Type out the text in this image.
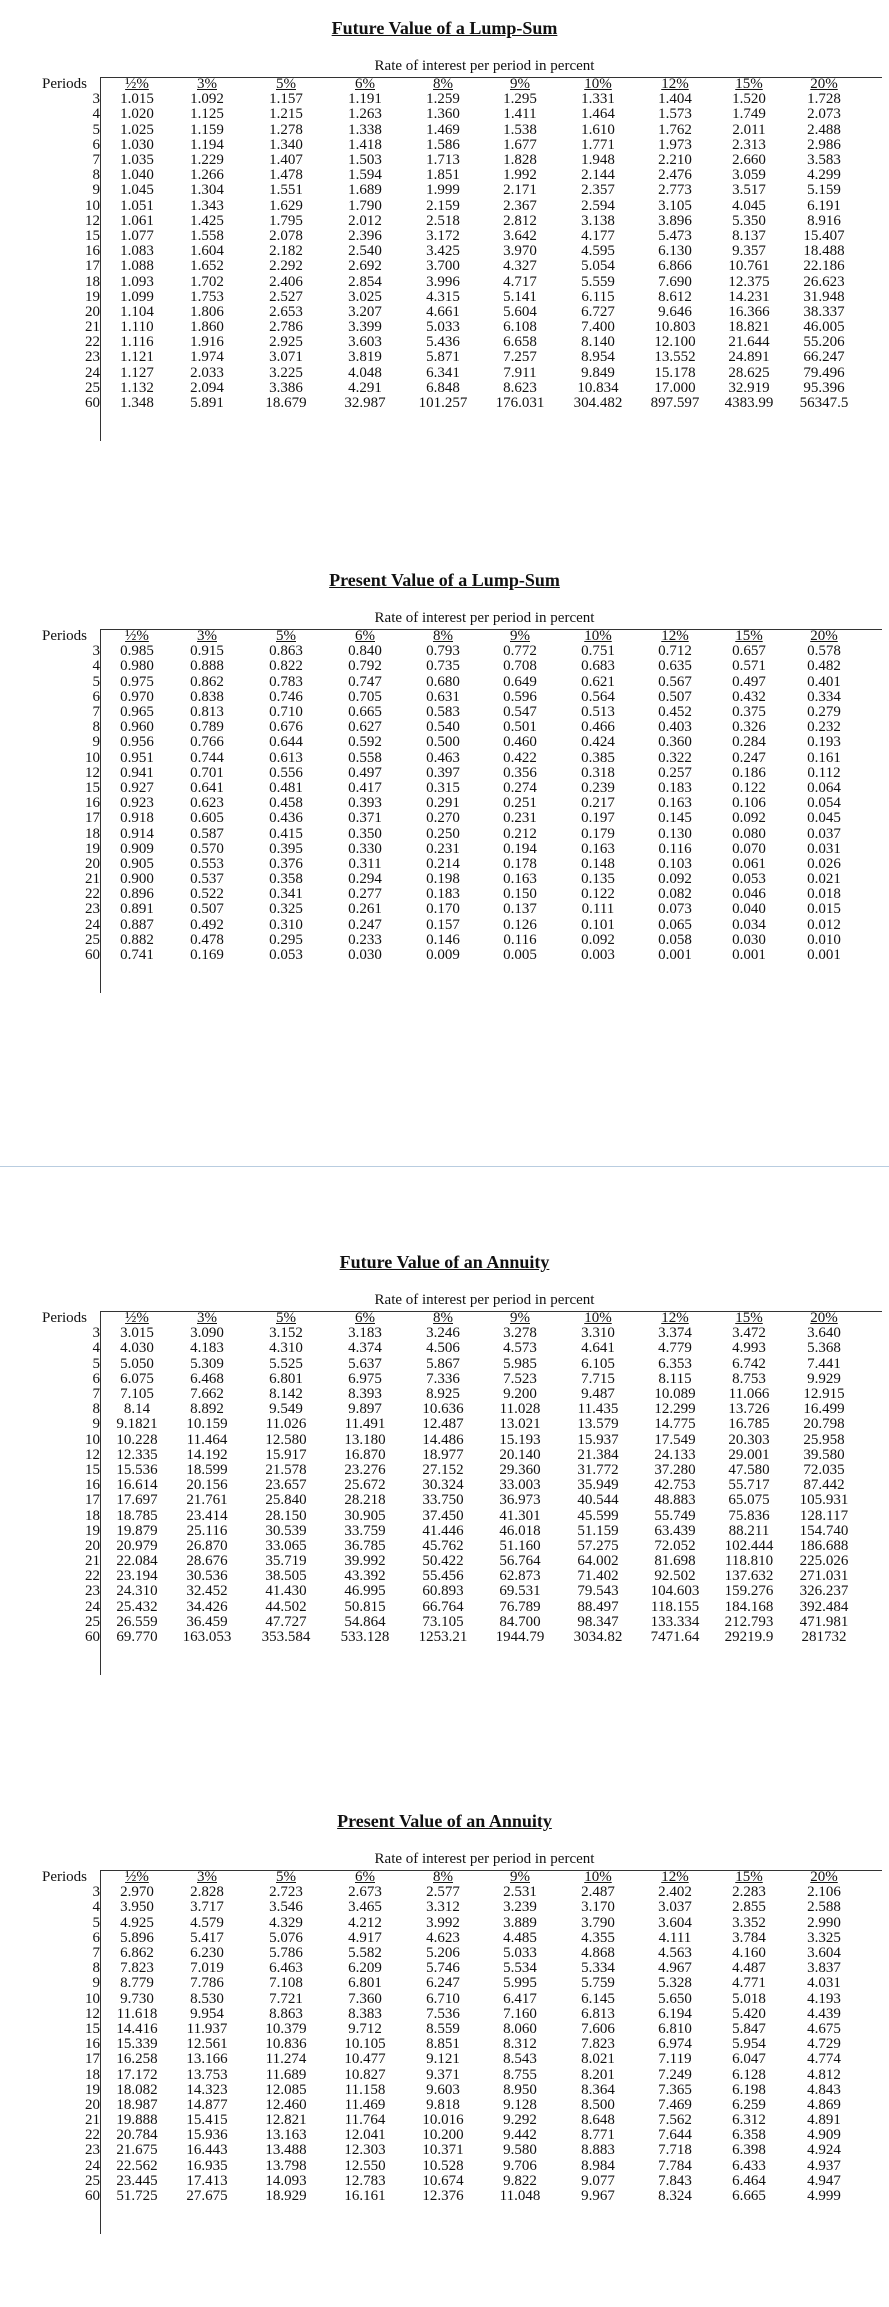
Future Value of a Lump-Sum
Rate of interest per period in percent
Periods	½%	3%	5%	6%	8%	9%	10%	12%	15%	20%
3	1.015	1.092	1.157	1.191	1.259	1.295	1.331	1.404	1.520	1.728
4	1.020	1.125	1.215	1.263	1.360	1.411	1.464	1.573	1.749	2.073
5	1.025	1.159	1.278	1.338	1.469	1.538	1.610	1.762	2.011	2.488
6	1.030	1.194	1.340	1.418	1.586	1.677	1.771	1.973	2.313	2.986
7	1.035	1.229	1.407	1.503	1.713	1.828	1.948	2.210	2.660	3.583
8	1.040	1.266	1.478	1.594	1.851	1.992	2.144	2.476	3.059	4.299
9	1.045	1.304	1.551	1.689	1.999	2.171	2.357	2.773	3.517	5.159
10	1.051	1.343	1.629	1.790	2.159	2.367	2.594	3.105	4.045	6.191
12	1.061	1.425	1.795	2.012	2.518	2.812	3.138	3.896	5.350	8.916
15	1.077	1.558	2.078	2.396	3.172	3.642	4.177	5.473	8.137	15.407
16	1.083	1.604	2.182	2.540	3.425	3.970	4.595	6.130	9.357	18.488
17	1.088	1.652	2.292	2.692	3.700	4.327	5.054	6.866	10.761	22.186
18	1.093	1.702	2.406	2.854	3.996	4.717	5.559	7.690	12.375	26.623
19	1.099	1.753	2.527	3.025	4.315	5.141	6.115	8.612	14.231	31.948
20	1.104	1.806	2.653	3.207	4.661	5.604	6.727	9.646	16.366	38.337
21	1.110	1.860	2.786	3.399	5.033	6.108	7.400	10.803	18.821	46.005
22	1.116	1.916	2.925	3.603	5.436	6.658	8.140	12.100	21.644	55.206
23	1.121	1.974	3.071	3.819	5.871	7.257	8.954	13.552	24.891	66.247
24	1.127	2.033	3.225	4.048	6.341	7.911	9.849	15.178	28.625	79.496
25	1.132	2.094	3.386	4.291	6.848	8.623	10.834	17.000	32.919	95.396
60	1.348	5.891	18.679	32.987	101.257	176.031	304.482	897.597	4383.99	56347.5
Present Value of a Lump-Sum
Rate of interest per period in percent
Periods	½%	3%	5%	6%	8%	9%	10%	12%	15%	20%
3	0.985	0.915	0.863	0.840	0.793	0.772	0.751	0.712	0.657	0.578
4	0.980	0.888	0.822	0.792	0.735	0.708	0.683	0.635	0.571	0.482
5	0.975	0.862	0.783	0.747	0.680	0.649	0.621	0.567	0.497	0.401
6	0.970	0.838	0.746	0.705	0.631	0.596	0.564	0.507	0.432	0.334
7	0.965	0.813	0.710	0.665	0.583	0.547	0.513	0.452	0.375	0.279
8	0.960	0.789	0.676	0.627	0.540	0.501	0.466	0.403	0.326	0.232
9	0.956	0.766	0.644	0.592	0.500	0.460	0.424	0.360	0.284	0.193
10	0.951	0.744	0.613	0.558	0.463	0.422	0.385	0.322	0.247	0.161
12	0.941	0.701	0.556	0.497	0.397	0.356	0.318	0.257	0.186	0.112
15	0.927	0.641	0.481	0.417	0.315	0.274	0.239	0.183	0.122	0.064
16	0.923	0.623	0.458	0.393	0.291	0.251	0.217	0.163	0.106	0.054
17	0.918	0.605	0.436	0.371	0.270	0.231	0.197	0.145	0.092	0.045
18	0.914	0.587	0.415	0.350	0.250	0.212	0.179	0.130	0.080	0.037
19	0.909	0.570	0.395	0.330	0.231	0.194	0.163	0.116	0.070	0.031
20	0.905	0.553	0.376	0.311	0.214	0.178	0.148	0.103	0.061	0.026
21	0.900	0.537	0.358	0.294	0.198	0.163	0.135	0.092	0.053	0.021
22	0.896	0.522	0.341	0.277	0.183	0.150	0.122	0.082	0.046	0.018
23	0.891	0.507	0.325	0.261	0.170	0.137	0.111	0.073	0.040	0.015
24	0.887	0.492	0.310	0.247	0.157	0.126	0.101	0.065	0.034	0.012
25	0.882	0.478	0.295	0.233	0.146	0.116	0.092	0.058	0.030	0.010
60	0.741	0.169	0.053	0.030	0.009	0.005	0.003	0.001	0.001	0.001
Future Value of an Annuity
Rate of interest per period in percent
Periods	½%	3%	5%	6%	8%	9%	10%	12%	15%	20%
3	3.015	3.090	3.152	3.183	3.246	3.278	3.310	3.374	3.472	3.640
4	4.030	4.183	4.310	4.374	4.506	4.573	4.641	4.779	4.993	5.368
5	5.050	5.309	5.525	5.637	5.867	5.985	6.105	6.353	6.742	7.441
6	6.075	6.468	6.801	6.975	7.336	7.523	7.715	8.115	8.753	9.929
7	7.105	7.662	8.142	8.393	8.925	9.200	9.487	10.089	11.066	12.915
8	8.14	8.892	9.549	9.897	10.636	11.028	11.435	12.299	13.726	16.499
9	9.1821	10.159	11.026	11.491	12.487	13.021	13.579	14.775	16.785	20.798
10	10.228	11.464	12.580	13.180	14.486	15.193	15.937	17.549	20.303	25.958
12	12.335	14.192	15.917	16.870	18.977	20.140	21.384	24.133	29.001	39.580
15	15.536	18.599	21.578	23.276	27.152	29.360	31.772	37.280	47.580	72.035
16	16.614	20.156	23.657	25.672	30.324	33.003	35.949	42.753	55.717	87.442
17	17.697	21.761	25.840	28.218	33.750	36.973	40.544	48.883	65.075	105.931
18	18.785	23.414	28.150	30.905	37.450	41.301	45.599	55.749	75.836	128.117
19	19.879	25.116	30.539	33.759	41.446	46.018	51.159	63.439	88.211	154.740
20	20.979	26.870	33.065	36.785	45.762	51.160	57.275	72.052	102.444	186.688
21	22.084	28.676	35.719	39.992	50.422	56.764	64.002	81.698	118.810	225.026
22	23.194	30.536	38.505	43.392	55.456	62.873	71.402	92.502	137.632	271.031
23	24.310	32.452	41.430	46.995	60.893	69.531	79.543	104.603	159.276	326.237
24	25.432	34.426	44.502	50.815	66.764	76.789	88.497	118.155	184.168	392.484
25	26.559	36.459	47.727	54.864	73.105	84.700	98.347	133.334	212.793	471.981
60	69.770	163.053	353.584	533.128	1253.21	1944.79	3034.82	7471.64	29219.9	281732
Present Value of an Annuity
Rate of interest per period in percent
Periods	½%	3%	5%	6%	8%	9%	10%	12%	15%	20%
3	2.970	2.828	2.723	2.673	2.577	2.531	2.487	2.402	2.283	2.106
4	3.950	3.717	3.546	3.465	3.312	3.239	3.170	3.037	2.855	2.588
5	4.925	4.579	4.329	4.212	3.992	3.889	3.790	3.604	3.352	2.990
6	5.896	5.417	5.076	4.917	4.623	4.485	4.355	4.111	3.784	3.325
7	6.862	6.230	5.786	5.582	5.206	5.033	4.868	4.563	4.160	3.604
8	7.823	7.019	6.463	6.209	5.746	5.534	5.334	4.967	4.487	3.837
9	8.779	7.786	7.108	6.801	6.247	5.995	5.759	5.328	4.771	4.031
10	9.730	8.530	7.721	7.360	6.710	6.417	6.145	5.650	5.018	4.193
12	11.618	9.954	8.863	8.383	7.536	7.160	6.813	6.194	5.420	4.439
15	14.416	11.937	10.379	9.712	8.559	8.060	7.606	6.810	5.847	4.675
16	15.339	12.561	10.836	10.105	8.851	8.312	7.823	6.974	5.954	4.729
17	16.258	13.166	11.274	10.477	9.121	8.543	8.021	7.119	6.047	4.774
18	17.172	13.753	11.689	10.827	9.371	8.755	8.201	7.249	6.128	4.812
19	18.082	14.323	12.085	11.158	9.603	8.950	8.364	7.365	6.198	4.843
20	18.987	14.877	12.460	11.469	9.818	9.128	8.500	7.469	6.259	4.869
21	19.888	15.415	12.821	11.764	10.016	9.292	8.648	7.562	6.312	4.891
22	20.784	15.936	13.163	12.041	10.200	9.442	8.771	7.644	6.358	4.909
23	21.675	16.443	13.488	12.303	10.371	9.580	8.883	7.718	6.398	4.924
24	22.562	16.935	13.798	12.550	10.528	9.706	8.984	7.784	6.433	4.937
25	23.445	17.413	14.093	12.783	10.674	9.822	9.077	7.843	6.464	4.947
60	51.725	27.675	18.929	16.161	12.376	11.048	9.967	8.324	6.665	4.999
